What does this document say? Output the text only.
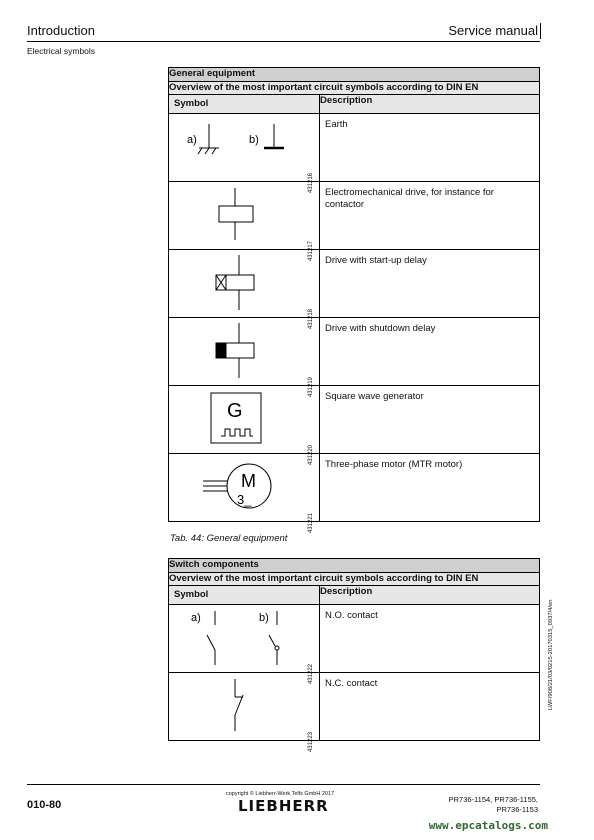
Introduction	Service manual
Electrical symbols
General equipment	
Overview of the most important circuit symbols according to DIN EN	
Symbol	Description

a) b)
431216	Earth

431217	Electromechanical drive, for instance for contactor

431218	Drive with start-up delay

431219	Drive with shutdown delay

G
431220	Square wave generator

M
3_
431221	Three-phase motor (MTR motor)
Tab. 44: General equipment
Switch components	
Overview of the most important circuit symbols according to DIN EN	
Symbol	Description

a) b)
431222	N.O. contact

431223	N.C. contact	LWF/908/21/03/0215-20170315_0937/4/en
010-80
copyright © Liebherr-Werk Telfs GmbH 2017
LIEBHERR	PR736-1154, PR736-1155,
PR736-1153
www.epcatalogs.com
